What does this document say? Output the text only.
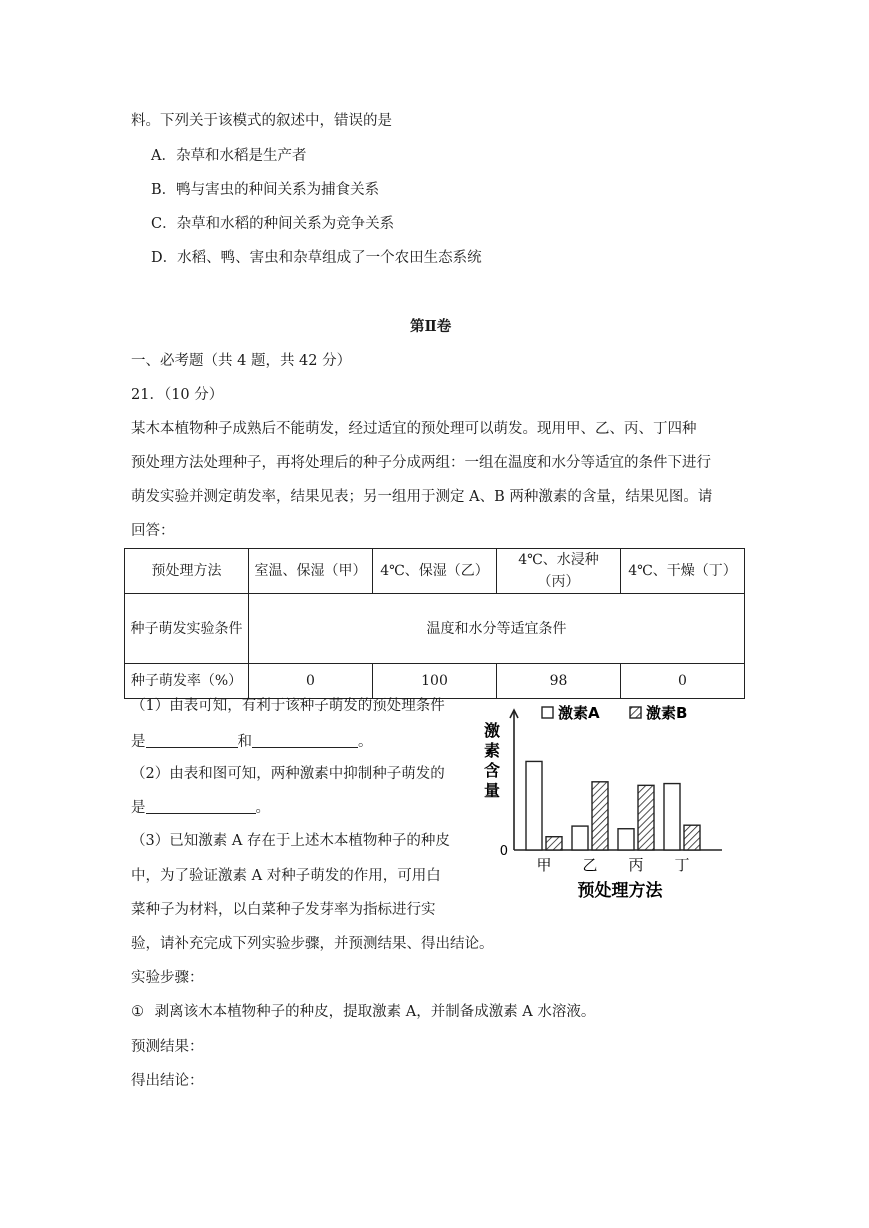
料。下列关于该模式的叙述中，错误的是
A．杂草和水稻是生产者
B．鸭与害虫的种间关系为捕食关系
C．杂草和水稻的种间关系为竞争关系
D．水稻、鸭、害虫和杂草组成了一个农田生态系统
第Ⅱ卷
一、必考题（共 4 题，共 42 分）
21．（10 分）
某木本植物种子成熟后不能萌发，经过适宜的预处理可以萌发。现用甲、乙、丙、丁四种
预处理方法处理种子，再将处理后的种子分成两组：一组在温度和水分等适宜的条件下进行
萌发实验并测定萌发率，结果见表；另一组用于测定 A、B 两种激素的含量，结果见图。请
回答：
预处理方法	室温、保湿（甲）	4℃、保湿（乙）	4℃、水浸种（丙）	4℃、干燥（丁）
种子萌发实验条件	温度和水分等适宜条件			
种子萌发率（%）	0	100	98	0
（1）由表可知，有利于该种子萌发的预处理条件
是	和	。
（2）由表和图可知，两种激素中抑制种子萌发的
是	。
（3）已知激素 A 存在于上述木本植物种子的种皮
中，为了验证激素 A 对种子萌发的作用，可用白
菜种子为材料，以白菜种子发芽率为指标进行实
验，请补充完成下列实验步骤，并预测结果、得出结论。
实验步骤：
① 剥离该木本植物种子的种皮，提取激素 A，并制备成激素 A 水溶液。
预测结果：
得出结论：
0
激素含量
激素A	激素B
甲 乙 丙 丁
预处理方法
